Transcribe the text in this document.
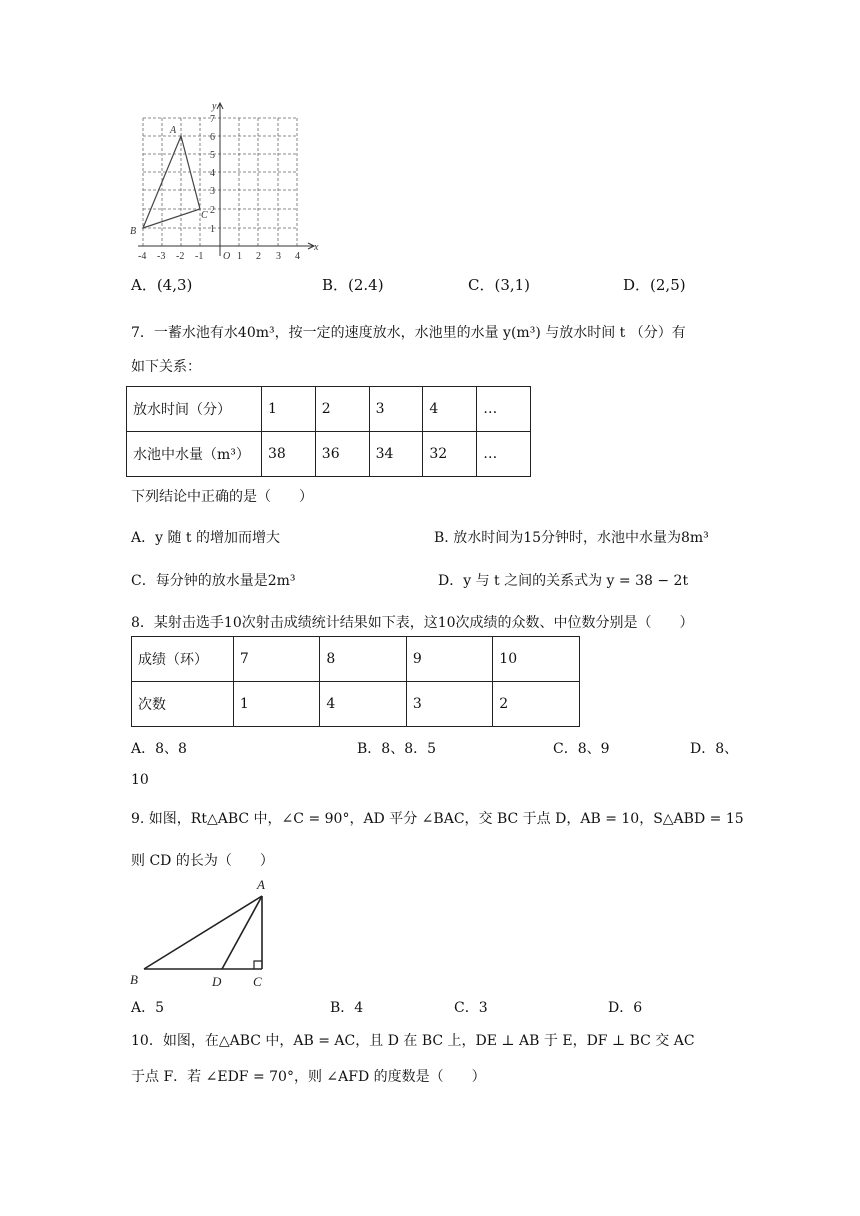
x
y
O
A
B
C
-4 -3 -2 -1	1 2 3 4
1
2
3
4
5
6
7
A．(4,3)	B．(2.4)	C．(3,1)	D．(2,5)
7．一蓄水池有水40m³，按一定的速度放水，水池里的水量 y(m³) 与放水时间 t （分）有
如下关系：
放水时间（分）	1	2	3	4	…
水池中水量（m³）	38	36	34	32	…
下列结论中正确的是（　　）
A．y 随 t 的增加而增大	B. 放水时间为15分钟时，水池中水量为8m³
C．每分钟的放水量是2m³	D．y 与 t 之间的关系式为 y = 38 − 2t
8．某射击选手10次射击成绩统计结果如下表，这10次成绩的众数、中位数分别是（　　）
成绩（环）	7	8	9	10
次数	1	4	3	2
A．8、8	B．8、8．5	C．8、9	D．8、
10
9. 如图，Rt△ABC 中，∠C = 90°，AD 平分 ∠BAC，交 BC 于点 D，AB = 10，S△ABD = 15
则 CD 的长为（　　）
A
B	D C
A．5	B．4	C．3	D．6
10．如图，在△ABC 中，AB = AC，且 D 在 BC 上，DE ⊥ AB 于 E，DF ⊥ BC 交 AC
于点 F．若 ∠EDF = 70°，则 ∠AFD 的度数是（　　）
